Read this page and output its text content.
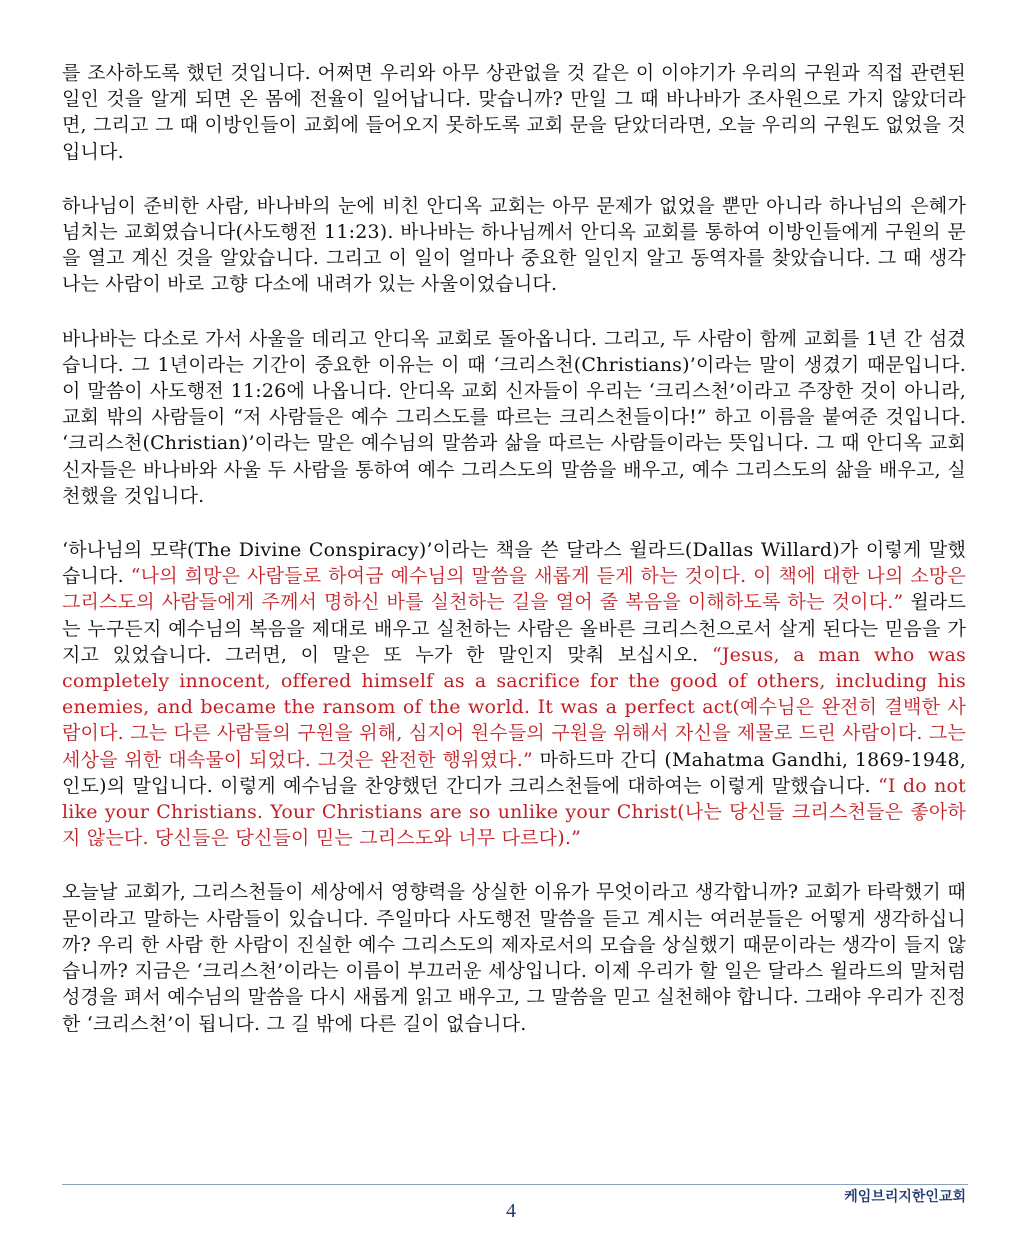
를 조사하도록 했던 것입니다. 어쩌면 우리와 아무 상관없을 것 같은 이 이야기가 우리의 구원과 직접 관련된 일인 것을 알게 되면 온 몸에 전율이 일어납니다. 맞습니까? 만일 그 때 바나바가 조사원으로 가지 않았더라면, 그리고 그 때 이방인들이 교회에 들어오지 못하도록 교회 문을 닫았더라면, 오늘 우리의 구원도 없었을 것입니다.

하나님이 준비한 사람, 바나바의 눈에 비친 안디옥 교회는 아무 문제가 없었을 뿐만 아니라 하나님의 은혜가 넘치는 교회였습니다(사도행전 11:23). 바나바는 하나님께서 안디옥 교회를 통하여 이방인들에게 구원의 문을 열고 계신 것을 알았습니다. 그리고 이 일이 얼마나 중요한 일인지 알고 동역자를 찾았습니다. 그 때 생각나는 사람이 바로 고향 다소에 내려가 있는 사울이었습니다.

바나바는 다소로 가서 사울을 데리고 안디옥 교회로 돌아옵니다. 그리고, 두 사람이 함께 교회를 1년 간 섬겼습니다. 그 1년이라는 기간이 중요한 이유는 이 때 ‘크리스천(Christians)’이라는 말이 생겼기 때문입니다. 이 말씀이 사도행전 11:26에 나옵니다. 안디옥 교회 신자들이 우리는 ‘크리스천’이라고 주장한 것이 아니라, 교회 밖의 사람들이 “저 사람들은 예수 그리스도를 따르는 크리스천들이다!” 하고 이름을 붙여준 것입니다. ‘크리스천(Christian)’이라는 말은 예수님의 말씀과 삶을 따르는 사람들이라는 뜻입니다. 그 때 안디옥 교회 신자들은 바나바와 사울 두 사람을 통하여 예수 그리스도의 말씀을 배우고, 예수 그리스도의 삶을 배우고, 실천했을 것입니다.

‘하나님의 모략(The Divine Conspiracy)’이라는 책을 쓴 달라스 윌라드(Dallas Willard)가 이렇게 말했습니다. “나의 희망은 사람들로 하여금 예수님의 말씀을 새롭게 듣게 하는 것이다. 이 책에 대한 나의 소망은 그리스도의 사람들에게 주께서 명하신 바를 실천하는 길을 열어 줄 복음을 이해하도록 하는 것이다.” 윌라드는 누구든지 예수님의 복음을 제대로 배우고 실천하는 사람은 올바른 크리스천으로서 살게 된다는 믿음을 가지고 있었습니다. 그러면, 이 말은 또 누가 한 말인지 맞춰 보십시오. “Jesus, a man who was completely innocent, offered himself as a sacrifice for the good of others, including his enemies, and became the ransom of the world. It was a perfect act(예수님은 완전히 결백한 사람이다. 그는 다른 사람들의 구원을 위해, 심지어 원수들의 구원을 위해서 자신을 제물로 드린 사람이다. 그는 세상을 위한 대속물이 되었다. 그것은 완전한 행위였다.” 마하드마 간디 (Mahatma Gandhi, 1869-1948, 인도)의 말입니다. 이렇게 예수님을 찬양했던 간디가 크리스천들에 대하여는 이렇게 말했습니다. “I do not like your Christians. Your Christians are so unlike your Christ(나는 당신들 크리스천들은 좋아하지 않는다. 당신들은 당신들이 믿는 그리스도와 너무 다르다).”

오늘날 교회가, 그리스천들이 세상에서 영향력을 상실한 이유가 무엇이라고 생각합니까? 교회가 타락했기 때문이라고 말하는 사람들이 있습니다. 주일마다 사도행전 말씀을 듣고 계시는 여러분들은 어떻게 생각하십니까? 우리 한 사람 한 사람이 진실한 예수 그리스도의 제자로서의 모습을 상실했기 때문이라는 생각이 들지 않습니까? 지금은 ‘크리스천’이라는 이름이 부끄러운 세상입니다. 이제 우리가 할 일은 달라스 윌라드의 말처럼 성경을 펴서 예수님의 말씀을 다시 새롭게 읽고 배우고, 그 말씀을 믿고 실천해야 합니다. 그래야 우리가 진정한 ‘크리스천’이 됩니다. 그 길 밖에 다른 길이 없습니다.

케임브리지한인교회
4
